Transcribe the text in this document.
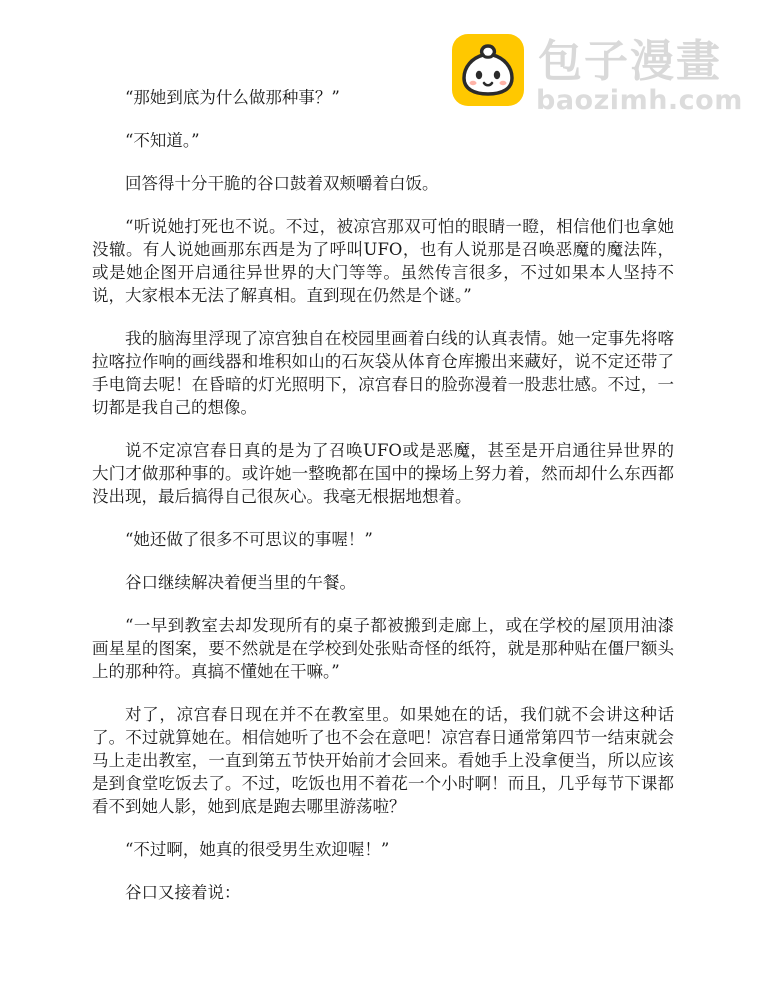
包子漫畫
baozimh.com

“那她到底为什么做那种事？”

“不知道。”

回答得十分干脆的谷口鼓着双颊嚼着白饭。

“听说她打死也不说。不过，被凉宫那双可怕的眼睛一瞪，相信他们也拿她没辙。有人说她画那东西是为了呼叫UFO，也有人说那是召唤恶魔的魔法阵，或是她企图开启通往异世界的大门等等。虽然传言很多，不过如果本人坚持不说，大家根本无法了解真相。直到现在仍然是个谜。”

我的脑海里浮现了凉宫独自在校园里画着白线的认真表情。她一定事先将喀拉喀拉作响的画线器和堆积如山的石灰袋从体育仓库搬出来藏好，说不定还带了手电筒去呢！在昏暗的灯光照明下，凉宫春日的脸弥漫着一股悲壮感。不过，一切都是我自己的想像。

说不定凉宫春日真的是为了召唤UFO或是恶魔，甚至是开启通往异世界的大门才做那种事的。或许她一整晚都在国中的操场上努力着，然而却什么东西都没出现，最后搞得自己很灰心。我毫无根据地想着。

“她还做了很多不可思议的事喔！”

谷口继续解决着便当里的午餐。

“一早到教室去却发现所有的桌子都被搬到走廊上，或在学校的屋顶用油漆画星星的图案，要不然就是在学校到处张贴奇怪的纸符，就是那种贴在僵尸额头上的那种符。真搞不懂她在干嘛。”

对了，凉宫春日现在并不在教室里。如果她在的话，我们就不会讲这种话了。不过就算她在。相信她听了也不会在意吧！凉宫春日通常第四节一结束就会马上走出教室，一直到第五节快开始前才会回来。看她手上没拿便当，所以应该是到食堂吃饭去了。不过，吃饭也用不着花一个小时啊！而且，几乎每节下课都看不到她人影，她到底是跑去哪里游荡啦？

“不过啊，她真的很受男生欢迎喔！”

谷口又接着说：
